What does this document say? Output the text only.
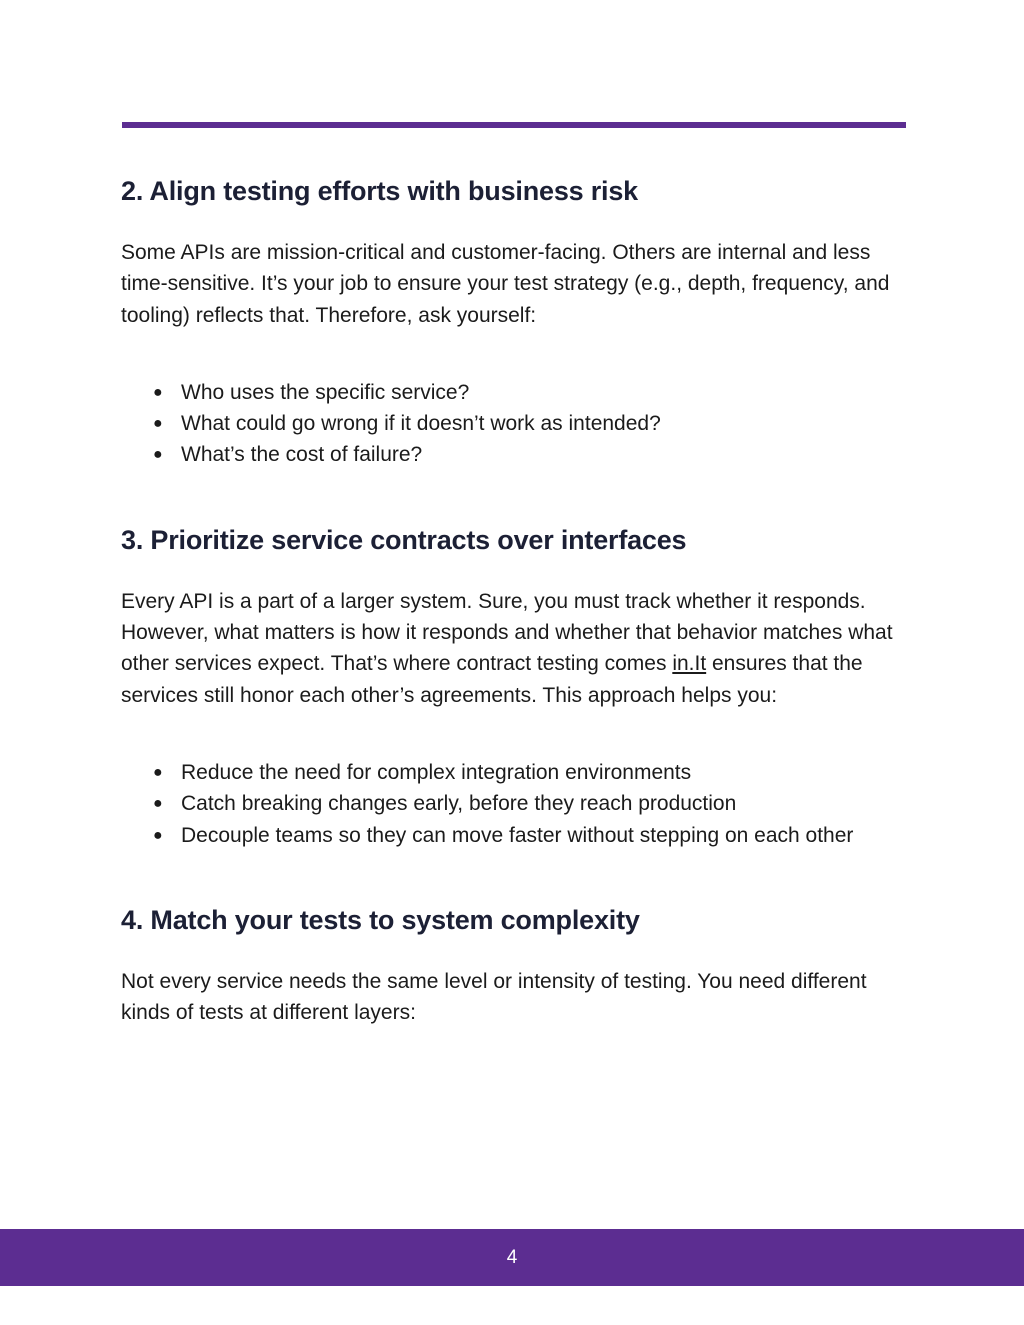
2. Align testing efforts with business risk

Some APIs are mission-critical and customer-facing. Others are internal and less time-sensitive. It’s your job to ensure your test strategy (e.g., depth, frequency, and tooling) reflects that. Therefore, ask yourself:

● Who uses the specific service?
● What could go wrong if it doesn’t work as intended?
● What’s the cost of failure?
3. Prioritize service contracts over interfaces

Every API is a part of a larger system. Sure, you must track whether it responds. However, what matters is how it responds and whether that behavior matches what other services expect. That’s where contract testing comes in.It ensures that the services still honor each other’s agreements. This approach helps you:

● Reduce the need for complex integration environments
● Catch breaking changes early, before they reach production
● Decouple teams so they can move faster without stepping on each other
4. Match your tests to system complexity

Not every service needs the same level or intensity of testing. You need different kinds of tests at different layers:

4
